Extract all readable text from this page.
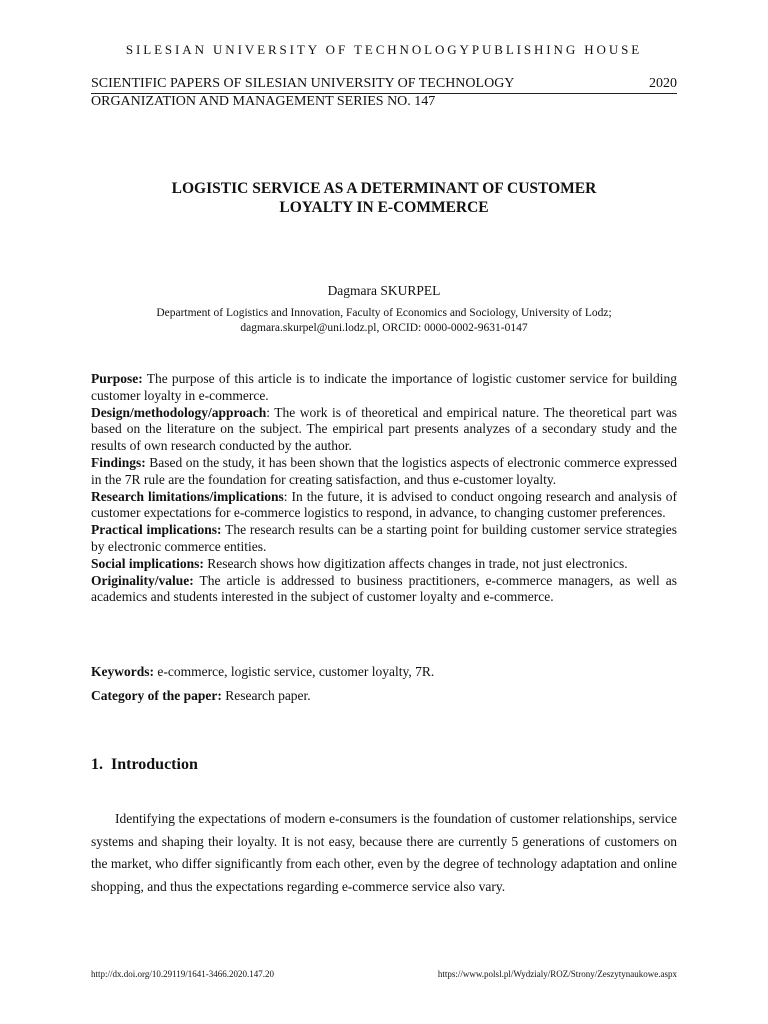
SILESIAN UNIVERSITY OF TECHNOLOGYPUBLISHING HOUSE
SCIENTIFIC PAPERS OF SILESIAN UNIVERSITY OF TECHNOLOGY	2020
ORGANIZATION AND MANAGEMENT SERIES NO. 147
LOGISTIC SERVICE AS A DETERMINANT OF CUSTOMER
LOYALTY IN E-COMMERCE
Dagmara SKURPEL
Department of Logistics and Innovation, Faculty of Economics and Sociology, University of Lodz;
dagmara.skurpel@uni.lodz.pl, ORCID: 0000-0002-9631-0147

Purpose: The purpose of this article is to indicate the importance of logistic customer service for building customer loyalty in e-commerce.

Design/methodology/approach: The work is of theoretical and empirical nature. The theoretical part was based on the literature on the subject. The empirical part presents analyzes of a secondary study and the results of own research conducted by the author.

Findings: Based on the study, it has been shown that the logistics aspects of electronic commerce expressed in the 7R rule are the foundation for creating satisfaction, and thus e-customer loyalty.

Research limitations/implications: In the future, it is advised to conduct ongoing research and analysis of customer expectations for e-commerce logistics to respond, in advance, to changing customer preferences.

Practical implications: The research results can be a starting point for building customer service strategies by electronic commerce entities.

Social implications: Research shows how digitization affects changes in trade, not just electronics.

Originality/value: The article is addressed to business practitioners, e-commerce managers, as well as academics and students interested in the subject of customer loyalty and e-commerce.

Keywords: e-commerce, logistic service, customer loyalty, 7R.
Category of the paper: Research paper.
1.  Introduction

Identifying the expectations of modern e-consumers is the foundation of customer relationships, service systems and shaping their loyalty. It is not easy, because there are currently 5 generations of customers on the market, who differ significantly from each other, even by the degree of technology adaptation and online shopping, and thus the expectations regarding e-commerce service also vary.

http://dx.doi.org/10.29119/1641-3466.2020.147.20	https://www.polsl.pl/Wydzialy/ROZ/Strony/Zeszytynaukowe.aspx
